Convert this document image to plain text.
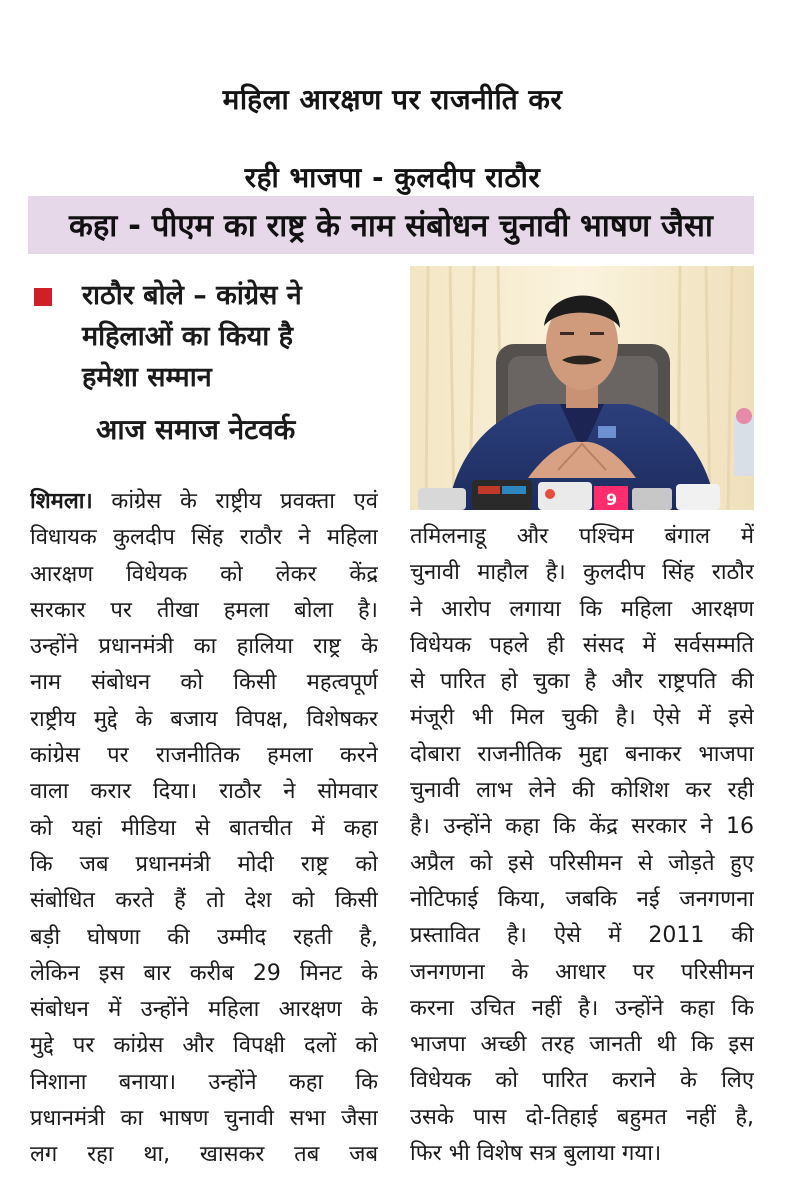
महिला आरक्षण पर राजनीति कर
रही भाजपा - कुलदीप राठौर
कहा - पीएम का राष्ट्र के नाम संबोधन चुनावी भाषण जैसा
राठौर बोले – कांग्रेस ने
महिलाओं का किया है
हमेशा सम्मान
आज समाज नेटवर्क
9
शिमला। कांग्रेस के राष्ट्रीय प्रवक्ता एवं
विधायक कुलदीप सिंह राठौर ने महिला
आरक्षण विधेयक को लेकर केंद्र
सरकार पर तीखा हमला बोला है।
उन्होंने प्रधानमंत्री का हालिया राष्ट्र के
नाम संबोधन को किसी महत्वपूर्ण
राष्ट्रीय मुद्दे के बजाय विपक्ष, विशेषकर
कांग्रेस पर राजनीतिक हमला करने
वाला करार दिया। राठौर ने सोमवार
को यहां मीडिया से बातचीत में कहा
कि जब प्रधानमंत्री मोदी राष्ट्र को
संबोधित करते हैं तो देश को किसी
बड़ी घोषणा की उम्मीद रहती है,
लेकिन इस बार करीब 29 मिनट के
संबोधन में उन्होंने महिला आरक्षण के
मुद्दे पर कांग्रेस और विपक्षी दलों को
निशाना बनाया। उन्होंने कहा कि
प्रधानमंत्री का भाषण चुनावी सभा जैसा
लग रहा था, खासकर तब जब
तमिलनाडू और पश्चिम बंगाल में
चुनावी माहौल है। कुलदीप सिंह राठौर
ने आरोप लगाया कि महिला आरक्षण
विधेयक पहले ही संसद में सर्वसम्मति
से पारित हो चुका है और राष्ट्रपति की
मंजूरी भी मिल चुकी है। ऐसे में इसे
दोबारा राजनीतिक मुद्दा बनाकर भाजपा
चुनावी लाभ लेने की कोशिश कर रही
है। उन्होंने कहा कि केंद्र सरकार ने 16
अप्रैल को इसे परिसीमन से जोड़ते हुए
नोटिफाई किया, जबकि नई जनगणना
प्रस्तावित है। ऐसे में 2011 की
जनगणना के आधार पर परिसीमन
करना उचित नहीं है। उन्होंने कहा कि
भाजपा अच्छी तरह जानती थी कि इस
विधेयक को पारित कराने के लिए
उसके पास दो-तिहाई बहुमत नहीं है,
फिर भी विशेष सत्र बुलाया गया।
